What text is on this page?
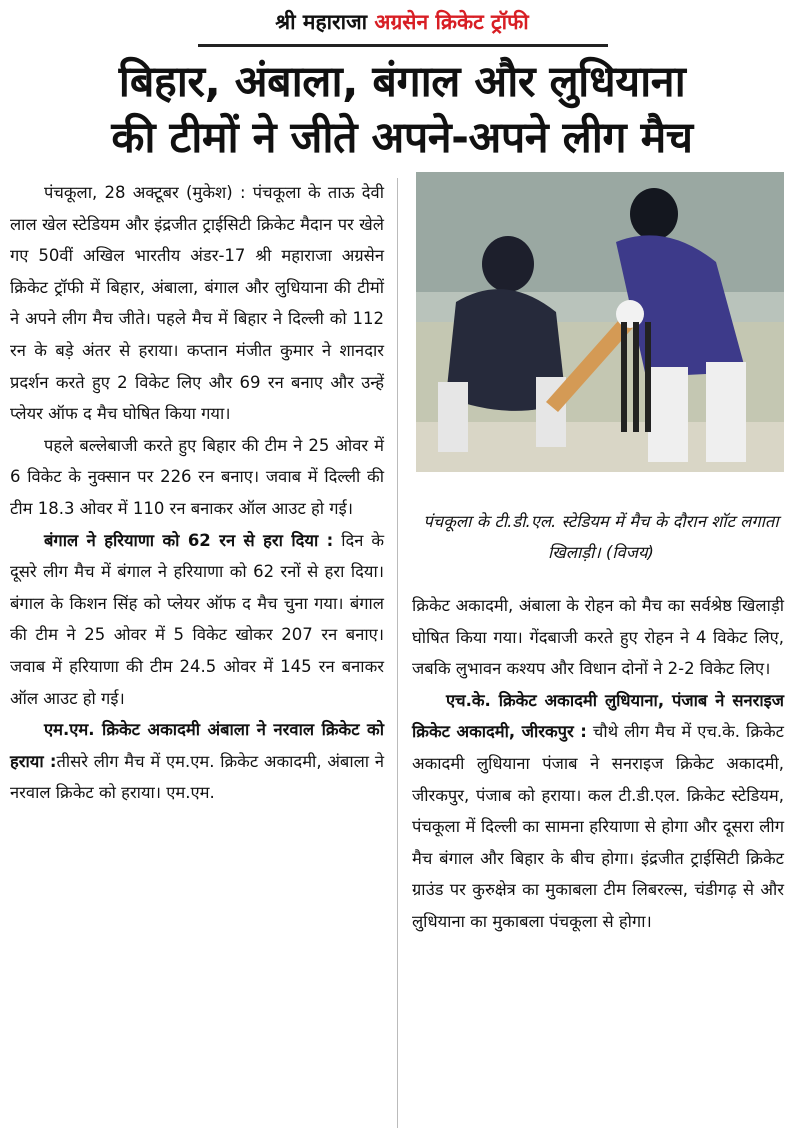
श्री महाराजा अग्रसेन क्रिकेट ट्रॉफी
बिहार, अंबाला, बंगाल और लुधियाना
की टीमों ने जीते अपने-अपने लीग मैच

पंचकूला, 28 अक्टूबर (मुकेश) : पंचकूला के ताऊ देवी लाल खेल स्टेडियम और इंद्रजीत ट्राईसिटी क्रिकेट मैदान पर खेले गए 50वीं अखिल भारतीय अंडर-17 श्री महाराजा अग्रसेन क्रिकेट ट्रॉफी में बिहार, अंबाला, बंगाल और लुधियाना की टीमों ने अपने लीग मैच जीते। पहले मैच में बिहार ने दिल्ली को 112 रन के बड़े अंतर से हराया। कप्तान मंजीत कुमार ने शानदार प्रदर्शन करते हुए 2 विकेट लिए और 69 रन बनाए और उन्हें प्लेयर ऑफ द मैच घोषित किया गया।

पहले बल्लेबाजी करते हुए बिहार की टीम ने 25 ओवर में 6 विकेट के नुक्सान पर 226 रन बनाए। जवाब में दिल्ली की टीम 18.3 ओवर में 110 रन बनाकर ऑल आउट हो गई।

बंगाल ने हरियाणा को 62 रन से हरा दिया : दिन के दूसरे लीग मैच में बंगाल ने हरियाणा को 62 रनों से हरा दिया। बंगाल के किशन सिंह को प्लेयर ऑफ द मैच चुना गया। बंगाल की टीम ने 25 ओवर में 5 विकेट खोकर 207 रन बनाए। जवाब में हरियाणा की टीम 24.5 ओवर में 145 रन बनाकर ऑल आउट हो गई।

एम.एम. क्रिकेट अकादमी अंबाला ने नरवाल क्रिकेट को हराया :तीसरे लीग मैच में एम.एम. क्रिकेट अकादमी, अंबाला ने नरवाल क्रिकेट को हराया। एम.एम.

पंचकूला के टी.डी.एल. स्टेडियम में मैच के दौरान शॉट लगाता खिलाड़ी। (विजय)

क्रिकेट अकादमी, अंबाला के रोहन को मैच का सर्वश्रेष्ठ खिलाड़ी घोषित किया गया। गेंदबाजी करते हुए रोहन ने 4 विकेट लिए, जबकि लुभावन कश्यप और विधान दोनों ने 2-2 विकेट लिए।

एच.के. क्रिकेट अकादमी लुधियाना, पंजाब ने सनराइज क्रिकेट अकादमी, जीरकपुर : चौथे लीग मैच में एच.के. क्रिकेट अकादमी लुधियाना पंजाब ने सनराइज क्रिकेट अकादमी, जीरकपुर, पंजाब को हराया। कल टी.डी.एल. क्रिकेट स्टेडियम, पंचकूला में दिल्ली का सामना हरियाणा से होगा और दूसरा लीग मैच बंगाल और बिहार के बीच होगा। इंद्रजीत ट्राईसिटी क्रिकेट ग्राउंड पर कुरुक्षेत्र का मुकाबला टीम लिबरल्स, चंडीगढ़ से और लुधियाना का मुकाबला पंचकूला से होगा।
